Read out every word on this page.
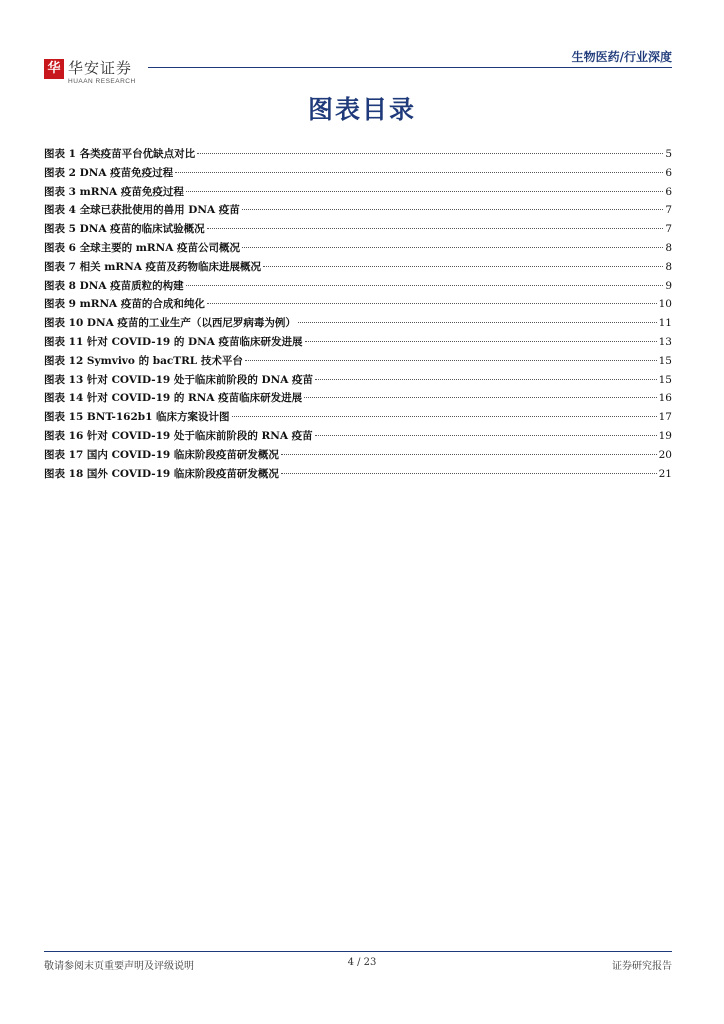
华 华安证券
HUAAN RESEARCH
生物医药/行业深度
图表目录
图表 1 各类疫苗平台优缺点对比	5
图表 2 DNA 疫苗免疫过程	6
图表 3 mRNA 疫苗免疫过程	6
图表 4 全球已获批使用的兽用 DNA 疫苗	7
图表 5 DNA 疫苗的临床试验概况	7
图表 6 全球主要的 mRNA 疫苗公司概况	8
图表 7 相关 mRNA 疫苗及药物临床进展概况	8
图表 8 DNA 疫苗质粒的构建	9
图表 9 mRNA 疫苗的合成和纯化	10
图表 10 DNA 疫苗的工业生产（以西尼罗病毒为例）	11
图表 11 针对 COVID-19 的 DNA 疫苗临床研发进展	13
图表 12 Symvivo 的 bacTRL 技术平台	15
图表 13 针对 COVID-19 处于临床前阶段的 DNA 疫苗	15
图表 14 针对 COVID-19 的 RNA 疫苗临床研发进展	16
图表 15 BNT-162b1 临床方案设计图	17
图表 16 针对 COVID-19 处于临床前阶段的 RNA 疫苗	19
图表 17 国内 COVID-19 临床阶段疫苗研发概况	20
图表 18 国外 COVID-19 临床阶段疫苗研发概况	21
敬请参阅末页重要声明及评级说明	4 / 23	证券研究报告
